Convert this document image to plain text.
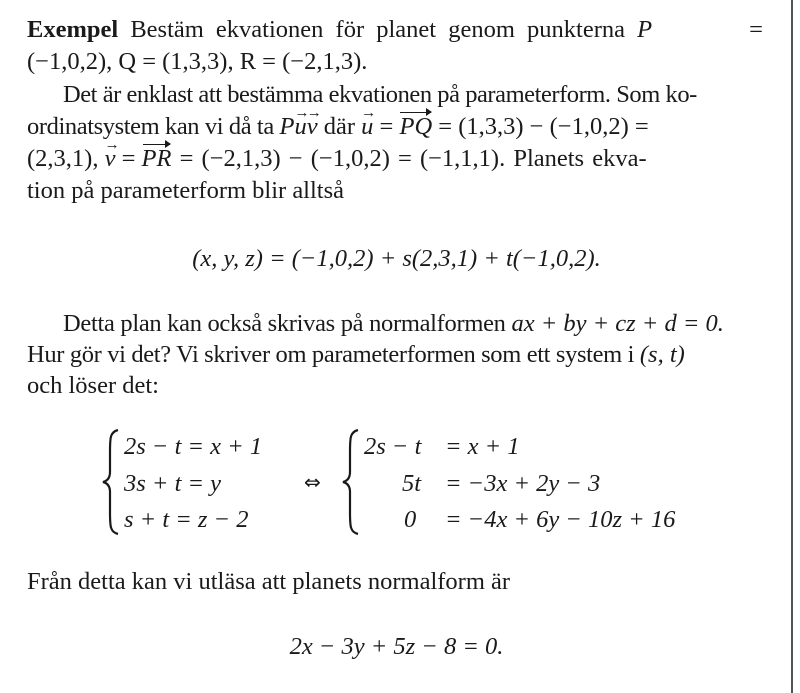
Exempel Bestäm ekvationen för planet genom punkterna P	=
(−1,0,2), Q = (1,3,3), R = (−2,1,3).
Det är enklast att bestämma ekvationen på parameterform. Som ko-
ordinatsystem kan vi då ta Pu →v → där u → = PQ = (1,3,3) − (−1,0,2) =
(2,3,1), v → = PR = (−2,1,3) − (−1,0,2) = (−1,1,1). Planets ekva-
tion på parameterform blir alltså
(x, y, z) = (−1,0,2) + s(2,3,1) + t(−1,0,2).
Detta plan kan också skrivas på normalformen ax + by + cz + d = 0.
Hur gör vi det? Vi skriver om parameterformen som ett system i (s, t)
och löser det:
2s − t = x + 1
3s + t = y
s + t = z − 2
⇔
2s − t
5t
0
= x + 1
= −3x + 2y − 3
= −4x + 6y − 10z + 16
Från detta kan vi utläsa att planets normalform är
2x − 3y + 5z − 8 = 0.
